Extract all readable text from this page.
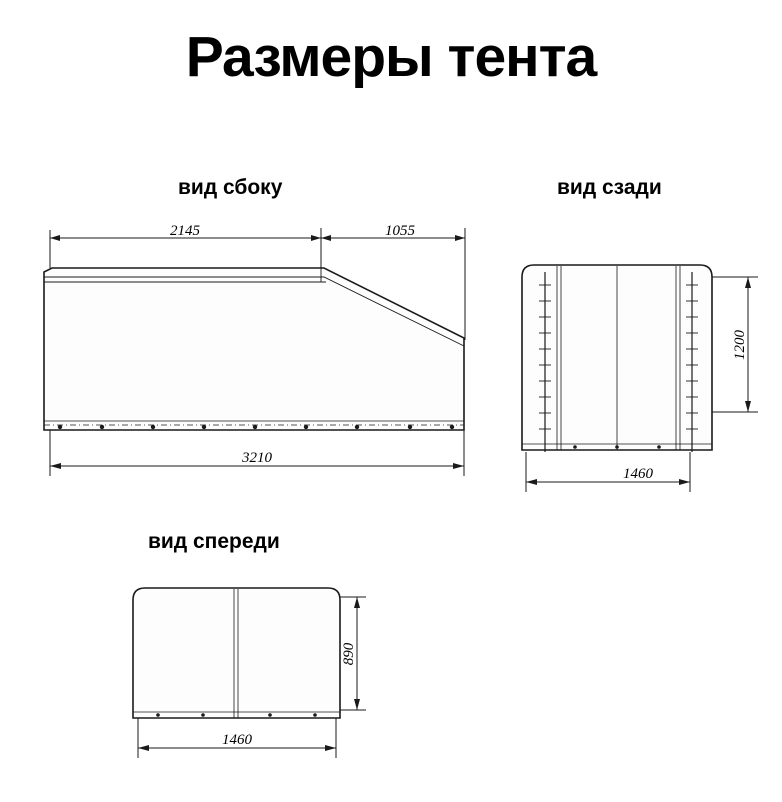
Размеры тента
вид сбоку	вид сзади
вид спереди
2145	1055
3210
1200
1460
890
1460
